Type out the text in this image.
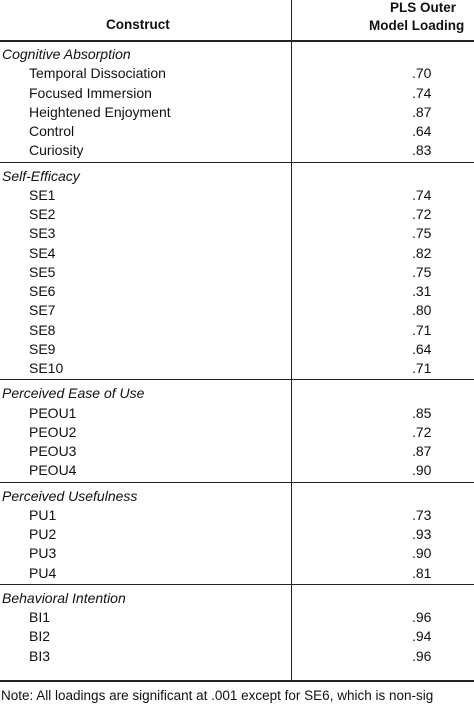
Construct
PLS Outer
Model Loading
Cognitive Absorption
Temporal Dissociation	.70
Focused Immersion	.74
Heightened Enjoyment	.87
Control	.64
Curiosity	.83
Self-Efficacy
SE1	.74
SE2	.72
SE3	.75
SE4	.82
SE5	.75
SE6	.31
SE7	.80
SE8	.71
SE9	.64
SE10	.71
Perceived Ease of Use
PEOU1	.85
PEOU2	.72
PEOU3	.87
PEOU4	.90
Perceived Usefulness
PU1	.73
PU2	.93
PU3	.90
PU4	.81
Behavioral Intention
BI1	.96
BI2	.94
BI3	.96
Note: All loadings are significant at .001 except for SE6, which is non-sig
